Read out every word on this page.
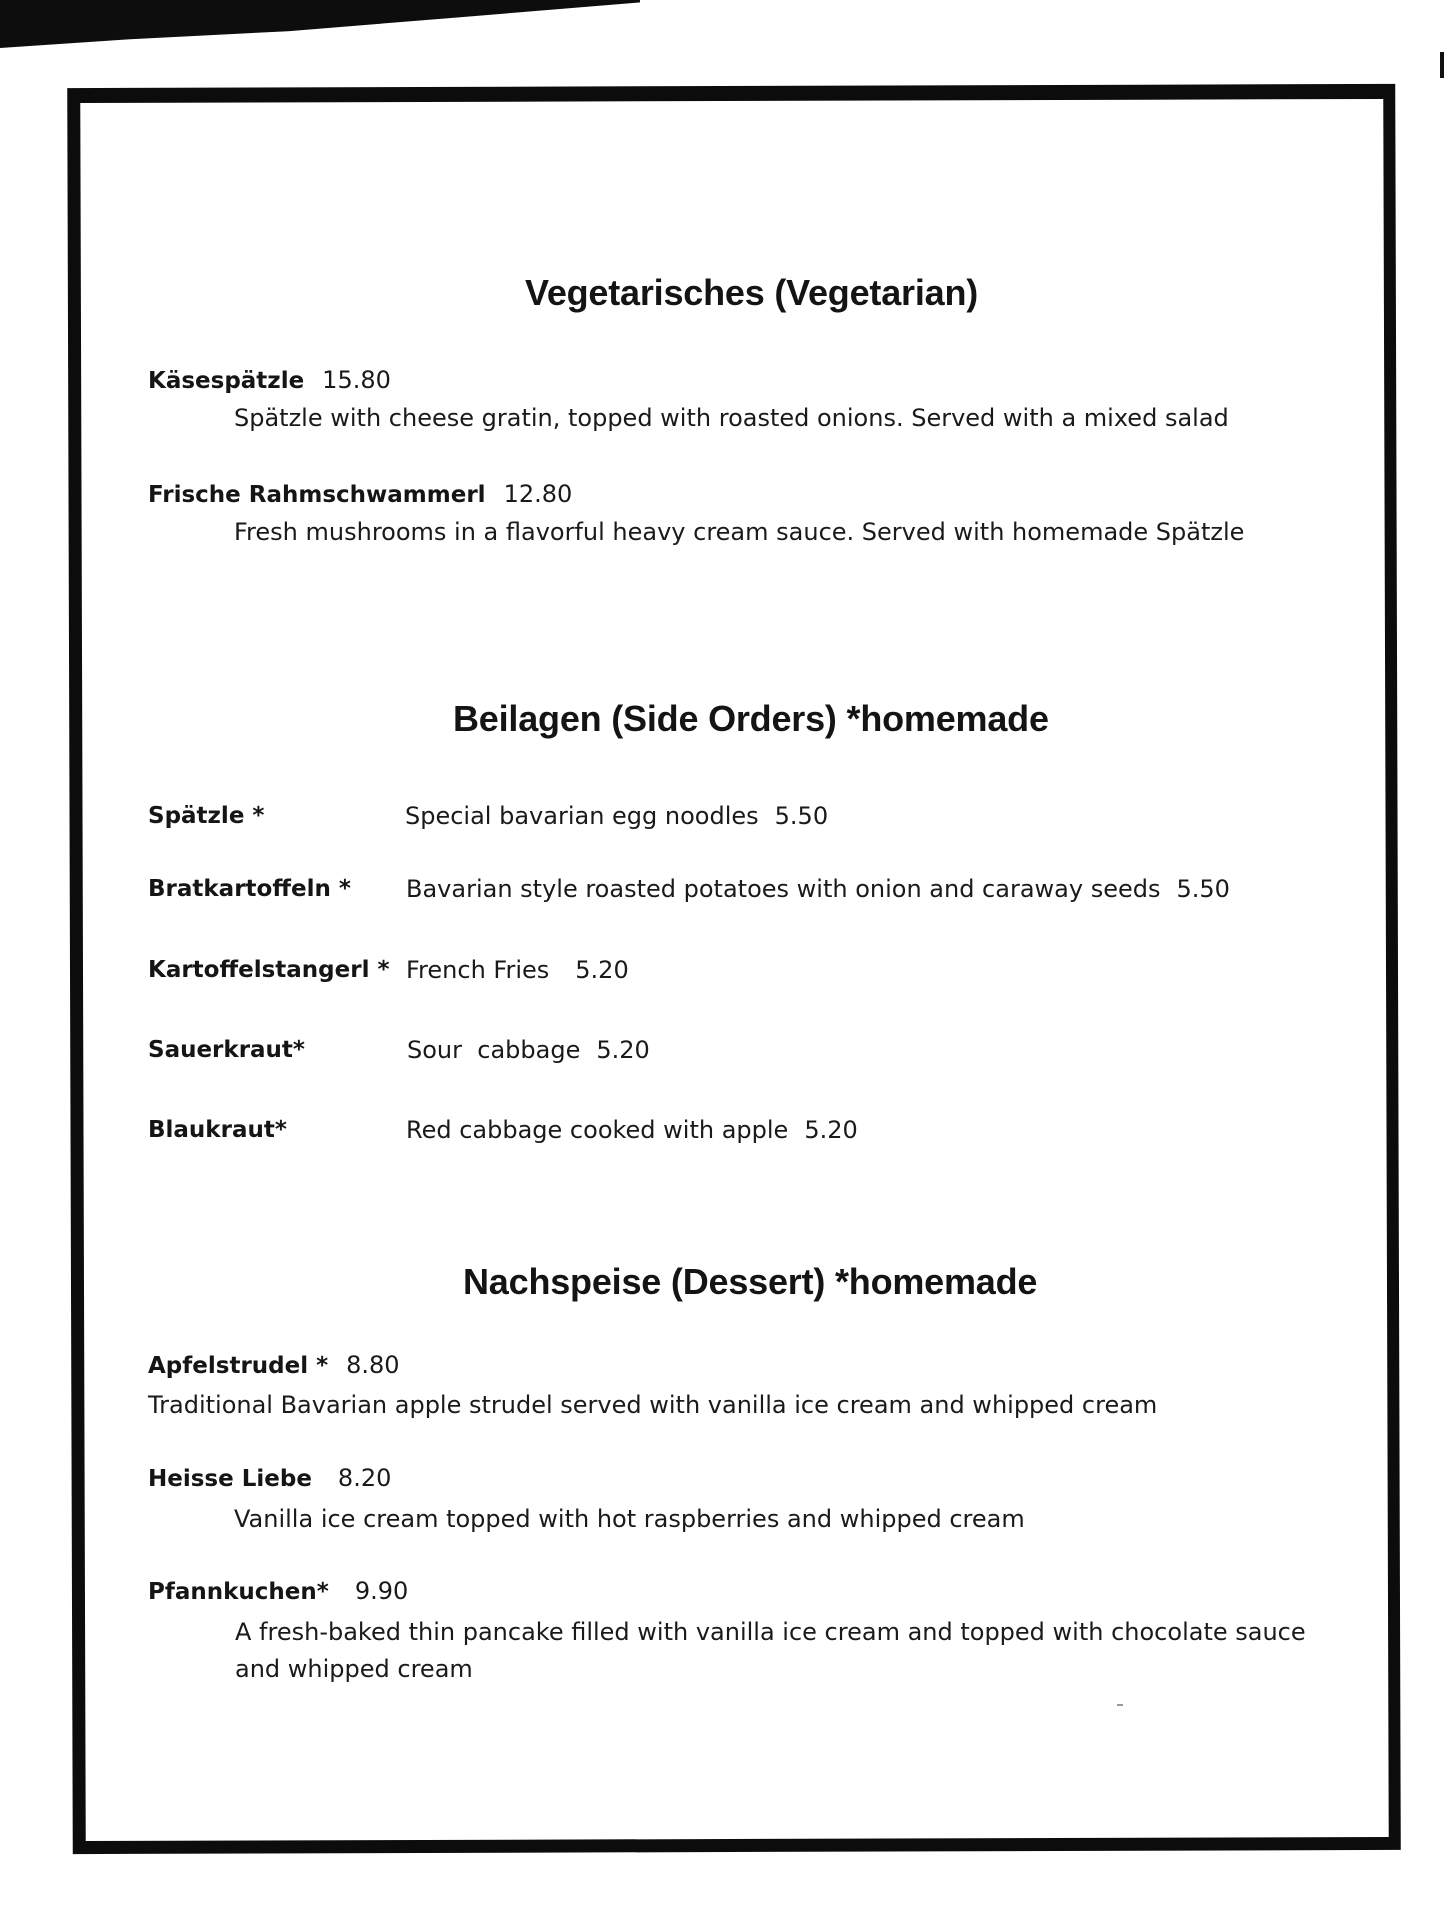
Vegetarisches (Vegetarian)
Käsespätzle 15.80
Spätzle with cheese gratin, topped with roasted onions. Served with a mixed salad
Frische Rahmschwammerl 12.80
Fresh mushrooms in a flavorful heavy cream sauce. Served with homemade Spätzle
Beilagen (Side Orders) *homemade
Spätzle *	Special bavarian egg noodles 5.50
Bratkartoffeln * Bavarian style roasted potatoes with onion and caraway seeds 5.50
Kartoffelstangerl * French Fries 5.20
Sauerkraut*	Sour  cabbage 5.20
Blaukraut*	Red cabbage cooked with apple 5.20
Nachspeise (Dessert) *homemade
Apfelstrudel * 8.80
Traditional Bavarian apple strudel served with vanilla ice cream and whipped cream
Heisse Liebe 8.20
Vanilla ice cream topped with hot raspberries and whipped cream
Pfannkuchen* 9.90
A fresh-baked thin pancake filled with vanilla ice cream and topped with chocolate sauce and whipped cream
